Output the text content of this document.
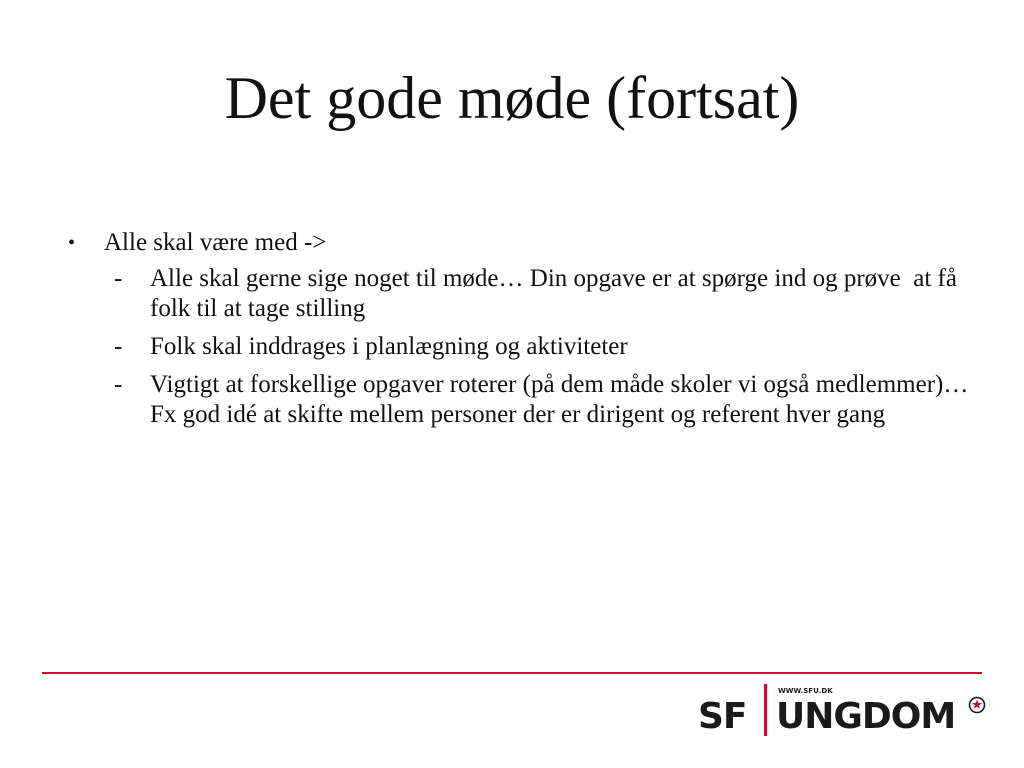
Det gode møde (fortsat)
•	Alle skal være med ->
-	Alle skal gerne sige noget til møde… Din opgave er at spørge ind og prøve  at få folk til at tage stilling
-	Folk skal inddrages i planlægning og aktiviteter
-	Vigtigt at forskellige opgaver roterer (på dem måde skoler vi også medlemmer)… Fx god idé at skifte mellem personer der er dirigent og referent hver gang
SF
WWW.SFU.DK
UNGDOM
